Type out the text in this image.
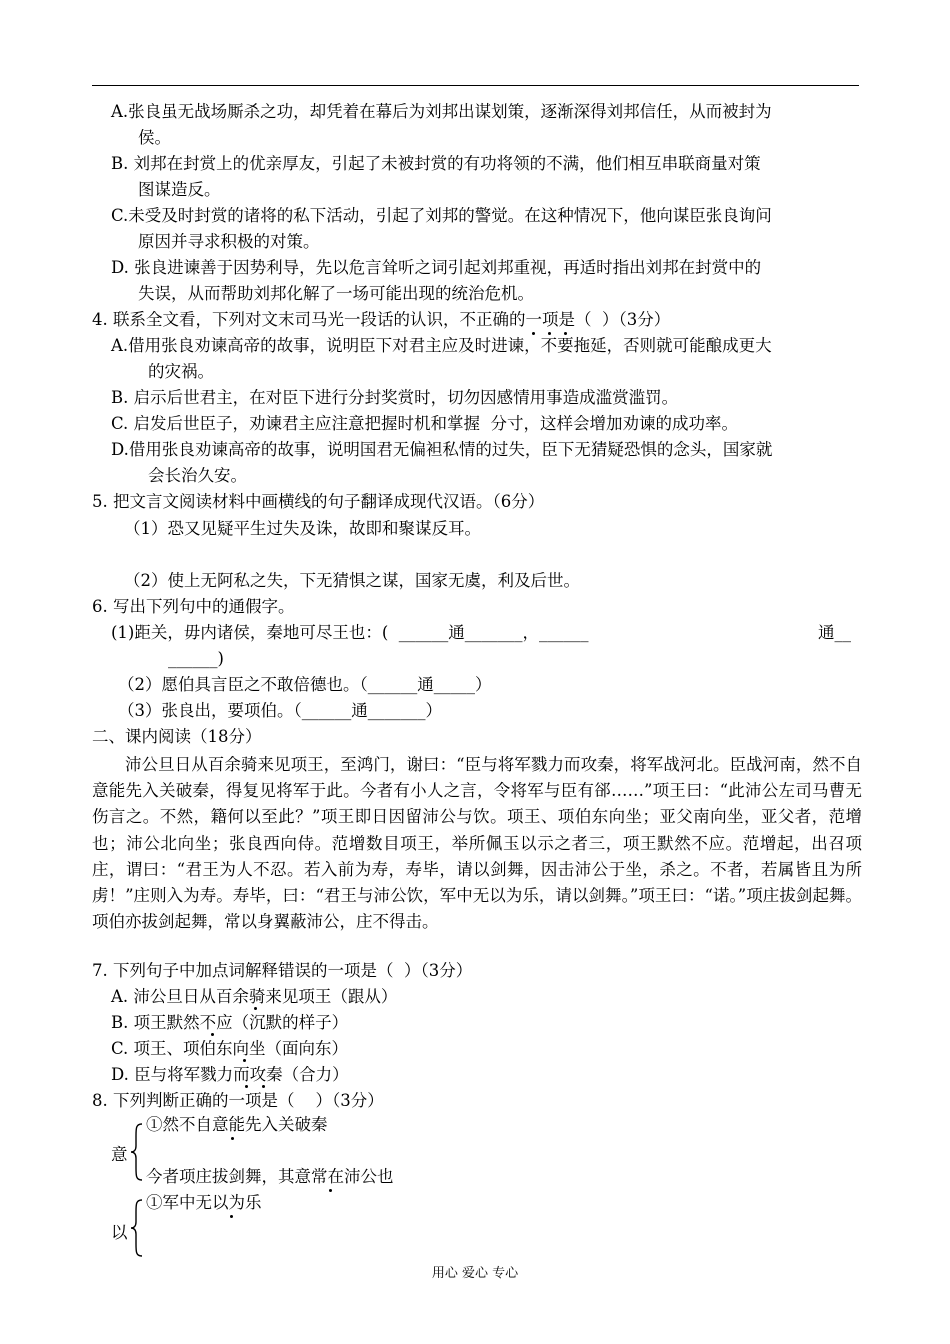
A.张良虽无战场厮杀之功，却凭着在幕后为刘邦出谋划策，逐渐深得刘邦信任，从而被封为
侯。
B. 刘邦在封赏上的优亲厚友，引起了未被封赏的有功将领的不满，他们相互串联商量对策
图谋造反。
C.未受及时封赏的诸将的私下活动，引起了刘邦的警觉。在这种情况下，他向谋臣张良询问
原因并寻求积极的对策。
D. 张良进谏善于因势利导，先以危言耸听之词引起刘邦重视，再适时指出刘邦在封赏中的
失误，从而帮助刘邦化解了一场可能出现的统治危机。
4. 联系全文看，下列对文末司马光一段话的认识，不正确的一项是（  ）（3分）
A.借用张良劝谏高帝的故事，说明臣下对君主应及时进谏，不要拖延，否则就可能酿成更大
的灾祸。
B. 启示后世君主，在对臣下进行分封奖赏时，切勿因感情用事造成滥赏滥罚。
C. 启发后世臣子，劝谏君主应注意把握时机和掌握  分寸，这样会增加劝谏的成功率。
D.借用张良劝谏高帝的故事，说明国君无偏袒私情的过失，臣下无猜疑恐惧的念头，国家就
会长治久安。
5. 把文言文阅读材料中画横线的句子翻译成现代汉语。（6分）
（1）恐又见疑平生过失及诛，故即和聚谋反耳。
（2）使上无阿私之失，下无猜惧之谋，国家无虞，利及后世。
6. 写出下列句中的通假字。
(1)距关，毋内诸侯，秦地可尽王也：(  ______通_______，______	通__
______)
（2）愿伯具言臣之不敢倍德也。（______通_____）
（3）张良出，要项伯。（______通_______）
二、课内阅读（18分）
沛公旦日从百余骑来见项王，至鸿门，谢曰：“臣与将军戮力而攻秦，将军战河北。臣战河南，然不自意能先入关破秦，得复见将军于此。今者有小人之言，令将军与臣有郤……”项王曰：“此沛公左司马曹无伤言之。不然，籍何以至此？”项王即日因留沛公与饮。项王、项伯东向坐；亚父南向坐，亚父者，范增也；沛公北向坐；张良西向侍。范增数目项王，举所佩玉以示之者三，项王默然不应。范增起，出召项庄，谓曰：“君王为人不忍。若入前为寿，寿毕，请以剑舞，因击沛公于坐，杀之。不者，若属皆且为所虏！”庄则入为寿。寿毕，曰：“君王与沛公饮，军中无以为乐，请以剑舞。”项王曰：“诺。”项庄拔剑起舞。项伯亦拔剑起舞，常以身翼蔽沛公，庄不得击。
7. 下列句子中加点词解释错误的一项是（  ）（3分）
A. 沛公旦日从百余骑来见项王（跟从）
B. 项王默然不应（沉默的样子）
C. 项王、项伯东向坐（面向东）
D. 臣与将军戮力而攻秦（合力）
8. 下列判断正确的一项是（    ）（3分）
意
①然不自意能先入关破秦
今者项庄拔剑舞，其意常在沛公也
以
①军中无以为乐
用心 爱心 专心
